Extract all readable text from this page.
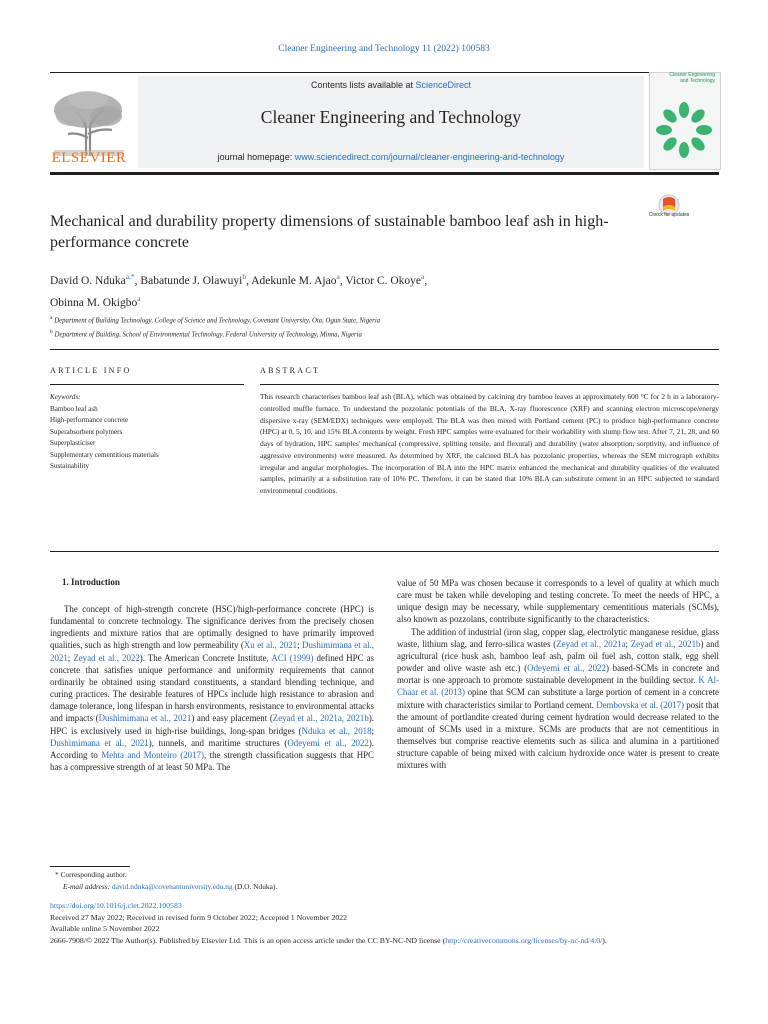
Cleaner Engineering and Technology 11 (2022) 100583
ELSEVIER
Contents lists available at ScienceDirect
Cleaner Engineering and Technology
journal homepage: www.sciencedirect.com/journal/cleaner-engineering-and-technology
Cleaner Engineering and Technology
Mechanical and durability property dimensions of sustainable bamboo leaf ash in high-performance concrete
Check for updates
David O. Nduka$^{a,*}$, Babatunde J. Olawuyi$^b$, Adekunle M. Ajao$^a$, Victor C. Okoye$^a$,
Obinna M. Okigbo$^a$
$^a$ Department of Building Technology, College of Science and Technology, Covenant University, Ota, Ogun State, Nigeria
$^b$ Department of Building, School of Environmental Technology, Federal University of Technology, Minna, Nigeria
ARTICLE INFO	ABSTRACT
Keywords:
Bamboo leaf ash
High-performance concrete
Superabsorbent polymers
Superplasticiser
Supplementary cementitious materials
Sustainability
This research characterises bamboo leaf ash (BLA), which was obtained by calcining dry bamboo leaves at approximately 600 °C for 2 h in a laboratory-controlled muffle furnace. To understand the pozzolanic potentials of the BLA, X-ray fluorescence (XRF) and scanning electron microscope/energy dispersive x-ray (SEM/EDX) techniques were employed. The BLA was then mixed with Portland cement (PC) to produce high-performance concrete (HPC) at 0, 5, 10, and 15% BLA contents by weight. Fresh HPC samples were evaluated for their workability with slump flow test. After 7, 21, 28, and 60 days of hydration, HPC samples' mechanical (compressive, splitting tensile, and flexural) and durability (water absorption, sorptivity, and influence of aggressive environments) were measured. As determined by XRF, the calcined BLA has pozzolanic properties, whereas the SEM micrograph exhibits irregular and angular morphologies. The incorporation of BLA into the HPC matrix enhanced the mechanical and durability qualities of the evaluated samples, primarily at a substitution rate of 10% PC. Therefore, it can be stated that 10% BLA can substitute cement in an HPC subjected to standard environmental conditions.
1. Introduction

The concept of high-strength concrete (HSC)/high-performance concrete (HPC) is fundamental to concrete technology. The significance derives from the precisely chosen ingredients and mixture ratios that are optimally designed to have primarily improved qualities, such as high strength and low permeability (Xu et al., 2021; Dushimimana et al., 2021; Zeyad et al., 2022). The American Concrete Institute, ACI (1999) defined HPC as concrete that satisfies unique performance and uniformity requirements that cannot ordinarily be obtained using standard constituents, a standard blending technique, and curing practices. The desirable features of HPCs include high resistance to abrasion and damage tolerance, long lifespan in harsh environments, resistance to environmental attacks and impacts (Dushimimana et al., 2021) and easy placement (Zeyad et al., 2021a, 2021b). HPC is exclusively used in high-rise buildings, long-span bridges (Nduka et al., 2018; Dushimimana et al., 2021), tunnels, and maritime structures (Odeyemi et al., 2022). According to Mehta and Monteiro (2017), the strength classification suggests that HPC has a compressive strength of at least 50 MPa. The

value of 50 MPa was chosen because it corresponds to a level of quality at which much care must be taken while developing and testing concrete. To meet the needs of HPC, a unique design may be necessary, while supplementary cementitious materials (SCMs), also known as pozzolans, contribute significantly to the characteristics.

The addition of industrial (iron slag, copper slag, electrolytic manganese residue, glass waste, lithium slag, and ferro-silica wastes (Zeyad et al., 2021a; Zeyad et al., 2021b) and agricultural (rice husk ash, bamboo leaf ash, palm oil fuel ash, cotton stalk, egg shell powder and olive waste ash etc.) (Odeyemi et al., 2022) based-SCMs in concrete and mortar is one approach to promote sustainable development in the building sector. K Al-Chaar et al. (2013) opine that SCM can substitute a large portion of cement in a concrete mixture with characteristics similar to Portland cement. Dembovska et al. (2017) posit that the amount of portlandite created during cement hydration would decrease related to the amount of SCMs used in a mixture. SCMs are products that are not cementitious in themselves but comprise reactive elements such as silica and alumina in a partitioned structure capable of being mixed with calcium hydroxide once water is present to create mixtures with

* Corresponding author.
E-mail address: david.nduka@covenantuniversity.edu.ng (D.O. Nduka).
https://doi.org/10.1016/j.clet.2022.100583
Received 27 May 2022; Received in revised form 9 October 2022; Accepted 1 November 2022
Available online 5 November 2022
2666-7908/© 2022 The Author(s). Published by Elsevier Ltd. This is an open access article under the CC BY-NC-ND license (http://creativecommons.org/licenses/by-nc-nd/4.0/).
